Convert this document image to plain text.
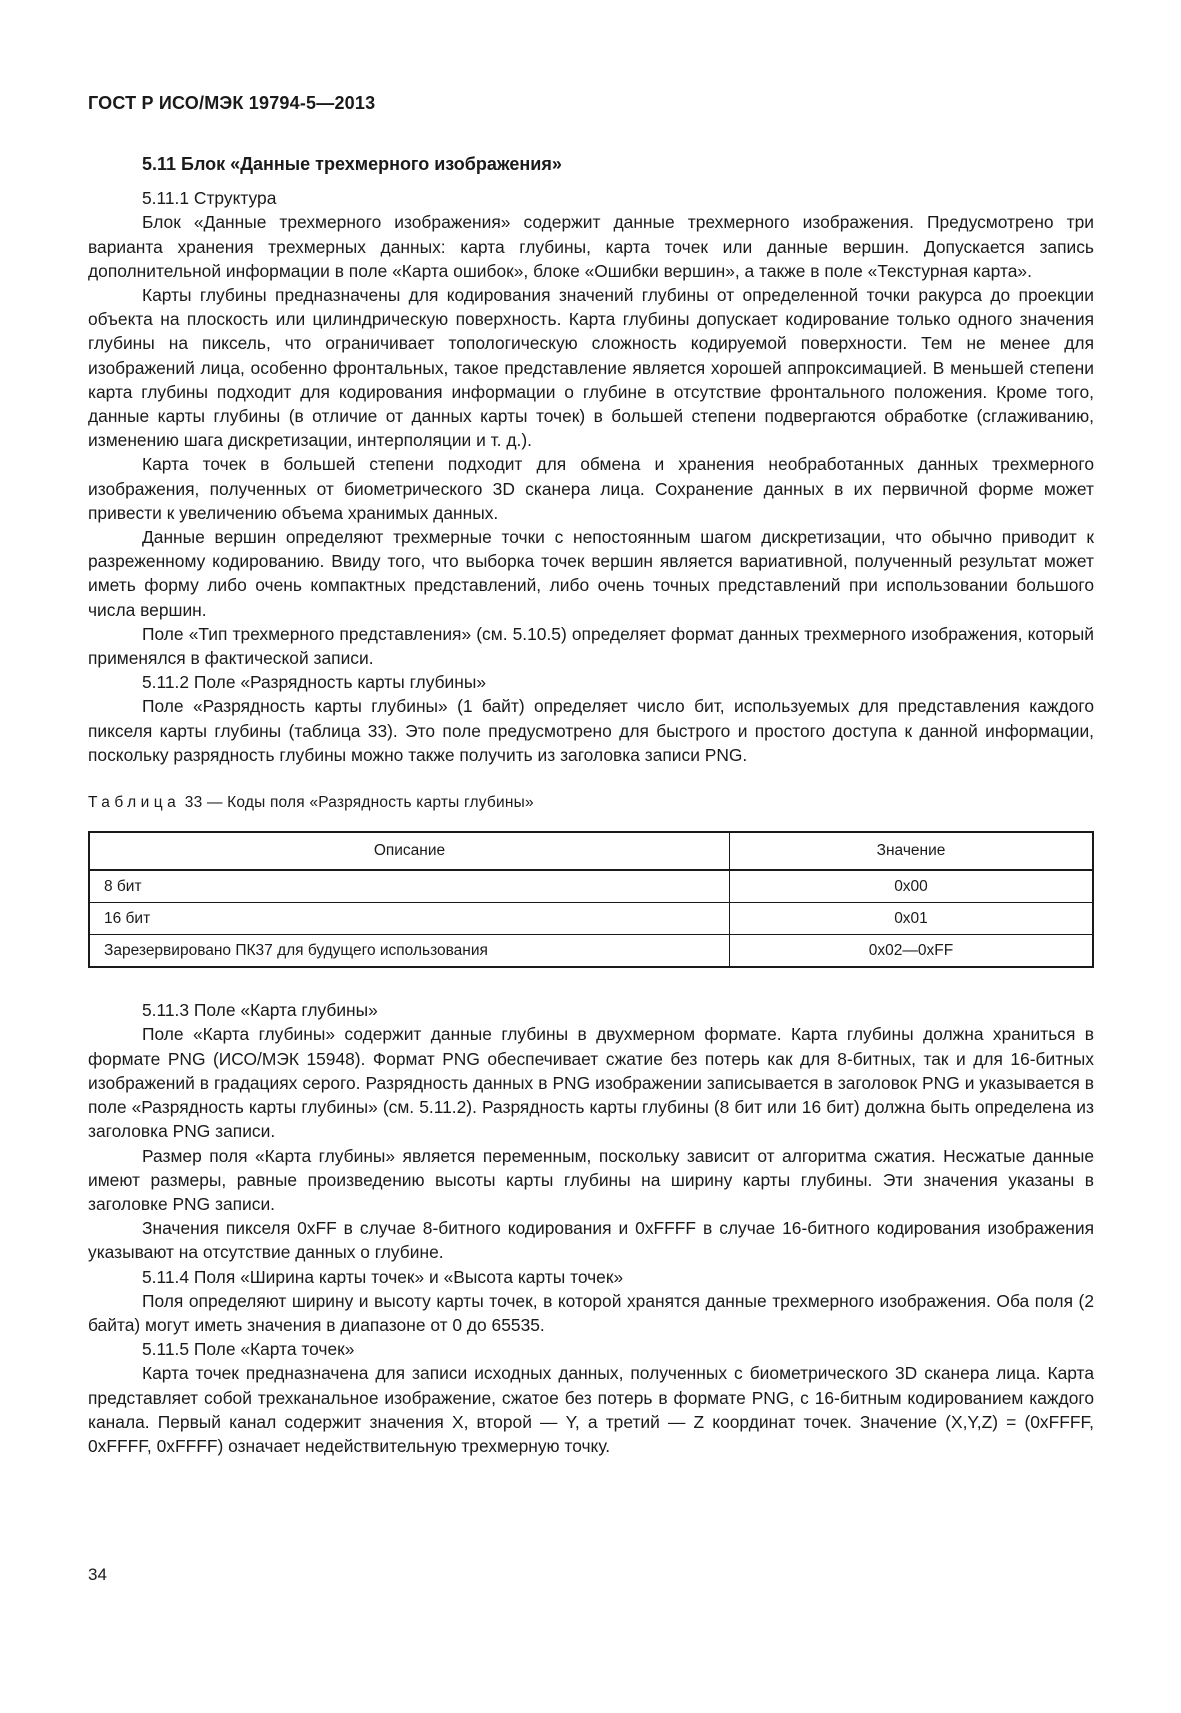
ГОСТ Р ИСО/МЭК 19794-5—2013
5.11 Блок «Данные трехмерного изображения»
5.11.1 Структура

Блок «Данные трехмерного изображения» содержит данные трехмерного изображения. Предусмотрено три варианта хранения трехмерных данных: карта глубины, карта точек или данные вершин. Допускается запись дополнительной информации в поле «Карта ошибок», блоке «Ошибки вершин», а также в поле «Текстурная карта».

Карты глубины предназначены для кодирования значений глубины от определенной точки ракурса до проекции объекта на плоскость или цилиндрическую поверхность. Карта глубины допускает кодирование только одного значения глубины на пиксель, что ограничивает топологическую сложность кодируемой поверхности. Тем не менее для изображений лица, особенно фронтальных, такое представление является хорошей аппроксимацией. В меньшей степени карта глубины подходит для кодирования информации о глубине в отсутствие фронтального положения. Кроме того, данные карты глубины (в отличие от данных карты точек) в большей степени подвергаются обработке (сглаживанию, изменению шага дискретизации, интерполяции и т. д.).

Карта точек в большей степени подходит для обмена и хранения необработанных данных трехмерного изображения, полученных от биометрического 3D сканера лица. Сохранение данных в их первичной форме может привести к увеличению объема хранимых данных.

Данные вершин определяют трехмерные точки с непостоянным шагом дискретизации, что обычно приводит к разреженному кодированию. Ввиду того, что выборка точек вершин является вариативной, полученный результат может иметь форму либо очень компактных представлений, либо очень точных представлений при использовании большого числа вершин.

Поле «Тип трехмерного представления» (см. 5.10.5) определяет формат данных трехмерного изображения, который применялся в фактической записи.

5.11.2 Поле «Разрядность карты глубины»

Поле «Разрядность карты глубины» (1 байт) определяет число бит, используемых для представления каждого пикселя карты глубины (таблица 33). Это поле предусмотрено для быстрого и простого доступа к данной информации, поскольку разрядность глубины можно также получить из заголовка записи PNG.

Таблица 33 — Коды поля «Разрядность карты глубины»
Описание	Значение
8 бит	0x00
16 бит	0x01
Зарезервировано ПК37 для будущего использования	0x02—0xFF
5.11.3 Поле «Карта глубины»

Поле «Карта глубины» содержит данные глубины в двухмерном формате. Карта глубины должна храниться в формате PNG (ИСО/МЭК 15948). Формат PNG обеспечивает сжатие без потерь как для 8-битных, так и для 16-битных изображений в градациях серого. Разрядность данных в PNG изображении записывается в заголовок PNG и указывается в поле «Разрядность карты глубины» (см. 5.11.2). Разрядность карты глубины (8 бит или 16 бит) должна быть определена из заголовка PNG записи.

Размер поля «Карта глубины» является переменным, поскольку зависит от алгоритма сжатия. Несжатые данные имеют размеры, равные произведению высоты карты глубины на ширину карты глубины. Эти значения указаны в заголовке PNG записи.

Значения пикселя 0xFF в случае 8-битного кодирования и 0xFFFF в случае 16-битного кодирования изображения указывают на отсутствие данных о глубине.

5.11.4 Поля «Ширина карты точек» и «Высота карты точек»

Поля определяют ширину и высоту карты точек, в которой хранятся данные трехмерного изображения. Оба поля (2 байта) могут иметь значения в диапазоне от 0 до 65535.

5.11.5 Поле «Карта точек»

Карта точек предназначена для записи исходных данных, полученных с биометрического 3D сканера лица. Карта представляет собой трехканальное изображение, сжатое без потерь в формате PNG, с 16-битным кодированием каждого канала. Первый канал содержит значения X, второй — Y, а третий — Z координат точек. Значение (X,Y,Z) = (0xFFFF, 0xFFFF, 0xFFFF) означает недействительную трехмерную точку.

34
